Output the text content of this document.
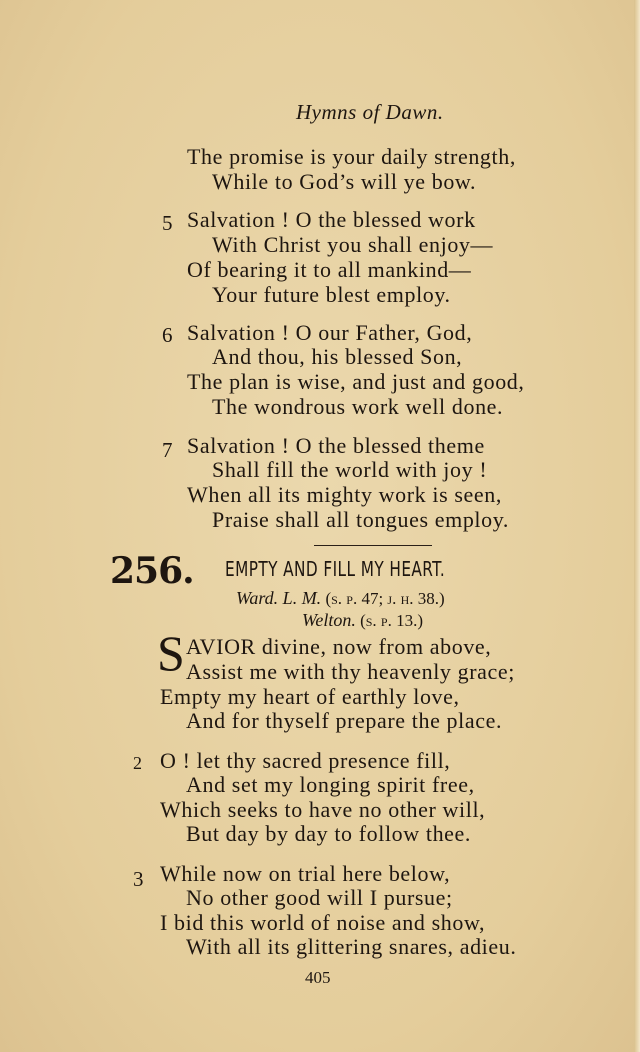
Hymns of Dawn.
The promise is your daily strength,
While to God’s will ye bow.
5 Salvation ! O the blessed work
With Christ you shall enjoy—
Of bearing it to all mankind—
Your future blest employ.
6 Salvation ! O our Father, God,
And thou, his blessed Son,
The plan is wise, and just and good,
The wondrous work well done.
7 Salvation ! O the blessed theme
Shall fill the world with joy !
When all its mighty work is seen,
Praise shall all tongues employ.
256. EMPTY AND FILL MY HEART.
Ward. L. M. (s. p. 47; j. h. 38.)
Welton. (s. p. 13.)
S AVIOR divine, now from above,
Assist me with thy heavenly grace;
Empty my heart of earthly love,
And for thyself prepare the place.
2 O ! let thy sacred presence fill,
And set my longing spirit free,
Which seeks to have no other will,
But day by day to follow thee.
3 While now on trial here below,
No other good will I pursue;
I bid this world of noise and show,
With all its glittering snares, adieu.
405
